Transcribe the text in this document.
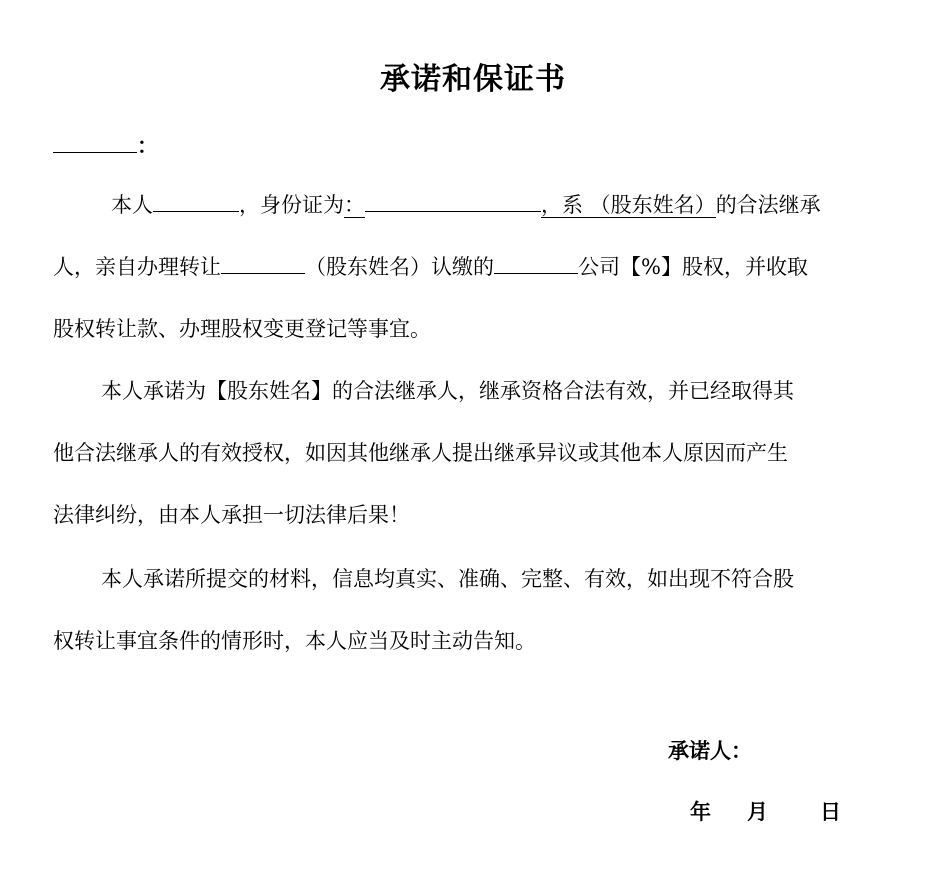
承诺和保证书
：
本人	，身份证为：	，系 （股东姓名）的合法继承
人，亲自办理转让	（股东姓名）认缴的	公司【%】股权，并收取
股权转让款、办理股权变更登记等事宜。
本人承诺为【股东姓名】的合法继承人，继承资格合法有效，并已经取得其
他合法继承人的有效授权，如因其他继承人提出继承异议或其他本人原因而产生
法律纠纷，由本人承担一切法律后果！
本人承诺所提交的材料，信息均真实、准确、完整、有效，如出现不符合股
权转让事宜条件的情形时，本人应当及时主动告知。
承诺人：
年 月 日
